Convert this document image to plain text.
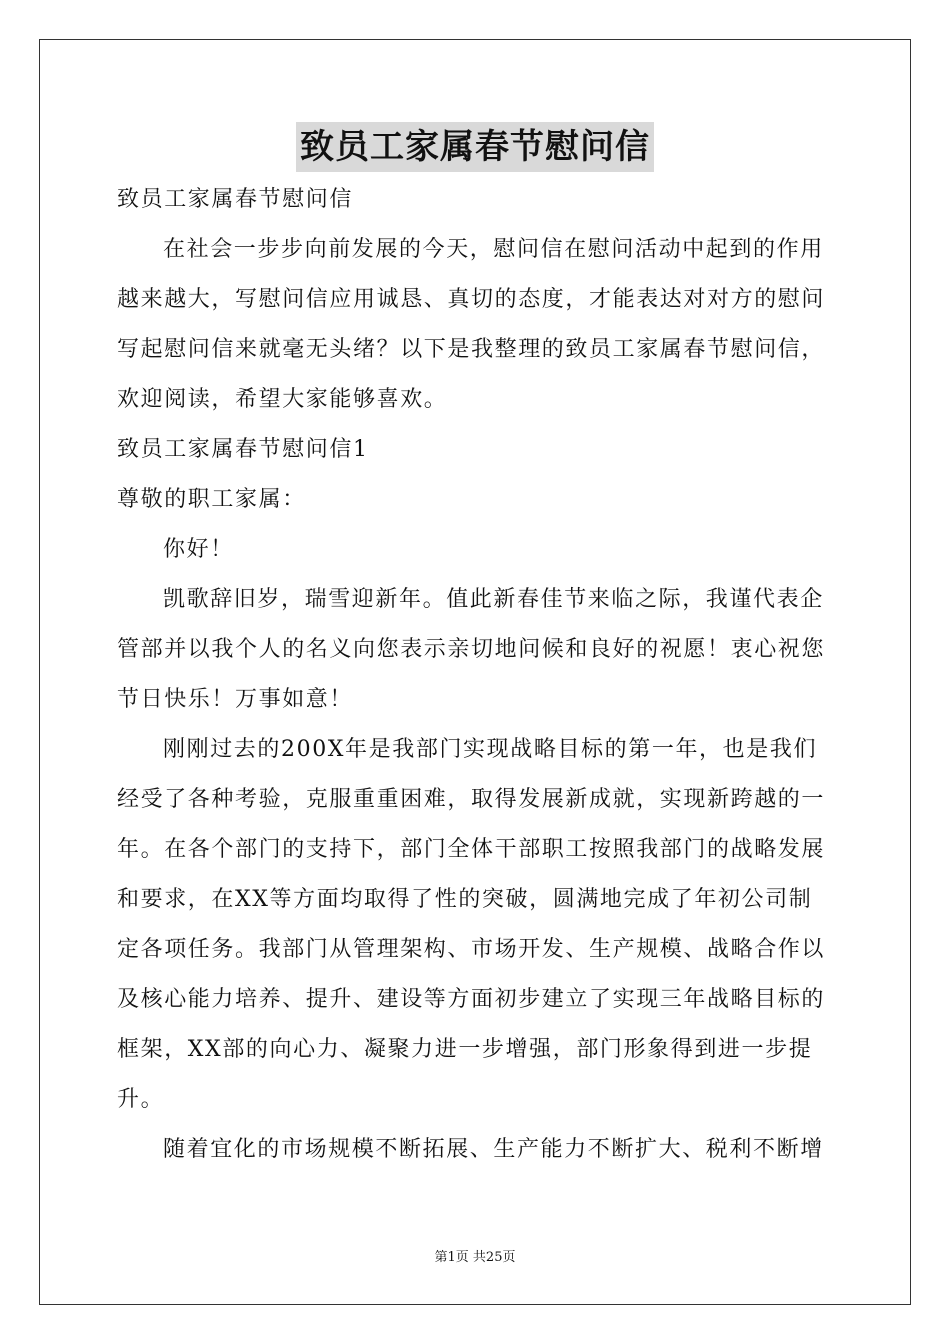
致员工家属春节慰问信
致员工家属春节慰问信
在社会一步步向前发展的今天，慰问信在慰问活动中起到的作用
越来越大，写慰问信应用诚恳、真切的态度，才能表达对对方的慰问
写起慰问信来就毫无头绪？以下是我整理的致员工家属春节慰问信，
欢迎阅读，希望大家能够喜欢。
致员工家属春节慰问信1
尊敬的职工家属：
你好！
凯歌辞旧岁，瑞雪迎新年。值此新春佳节来临之际，我谨代表企
管部并以我个人的名义向您表示亲切地问候和良好的祝愿！衷心祝您
节日快乐！万事如意！
刚刚过去的200X年是我部门实现战略目标的第一年，也是我们
经受了各种考验，克服重重困难，取得发展新成就，实现新跨越的一
年。在各个部门的支持下，部门全体干部职工按照我部门的战略发展
和要求，在XX等方面均取得了性的突破，圆满地完成了年初公司制
定各项任务。我部门从管理架构、市场开发、生产规模、战略合作以
及核心能力培养、提升、建设等方面初步建立了实现三年战略目标的
框架，XX部的向心力、凝聚力进一步增强，部门形象得到进一步提
升。
随着宜化的市场规模不断拓展、生产能力不断扩大、税利不断增
第1页 共25页
